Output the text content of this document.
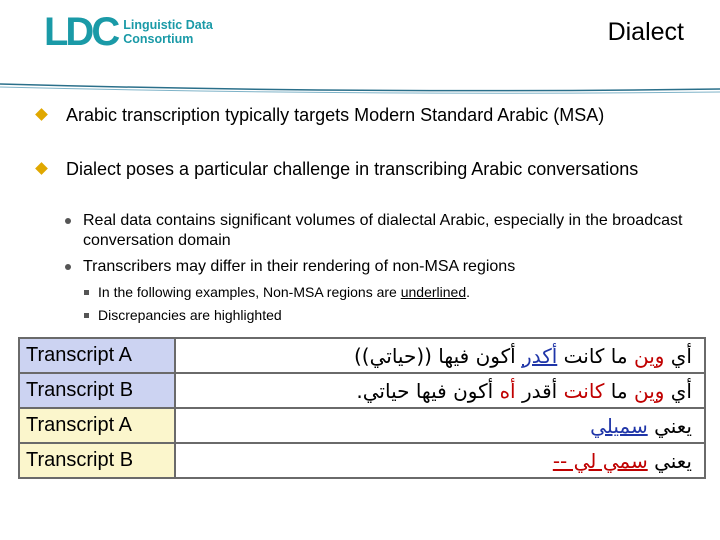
LDC Linguistic Data
Consortium	Dialect
Arabic transcription typically targets Modern Standard Arabic (MSA)
Dialect poses a particular challenge in transcribing Arabic conversations
Real data contains significant volumes of dialectal Arabic, especially in the broadcast conversation domain
Transcribers may differ in their rendering of non-MSA regions
In the following examples, Non-MSA regions are underlined.
Discrepancies are highlighted
Transcript A	أي وين ما كانت أكدر أكون فيها ((حياتي))
Transcript B	أي وين ما كانت أقدر أه أكون فيها حياتي.
Transcript A	يعني سميلي
Transcript B	يعني سمي لي --
